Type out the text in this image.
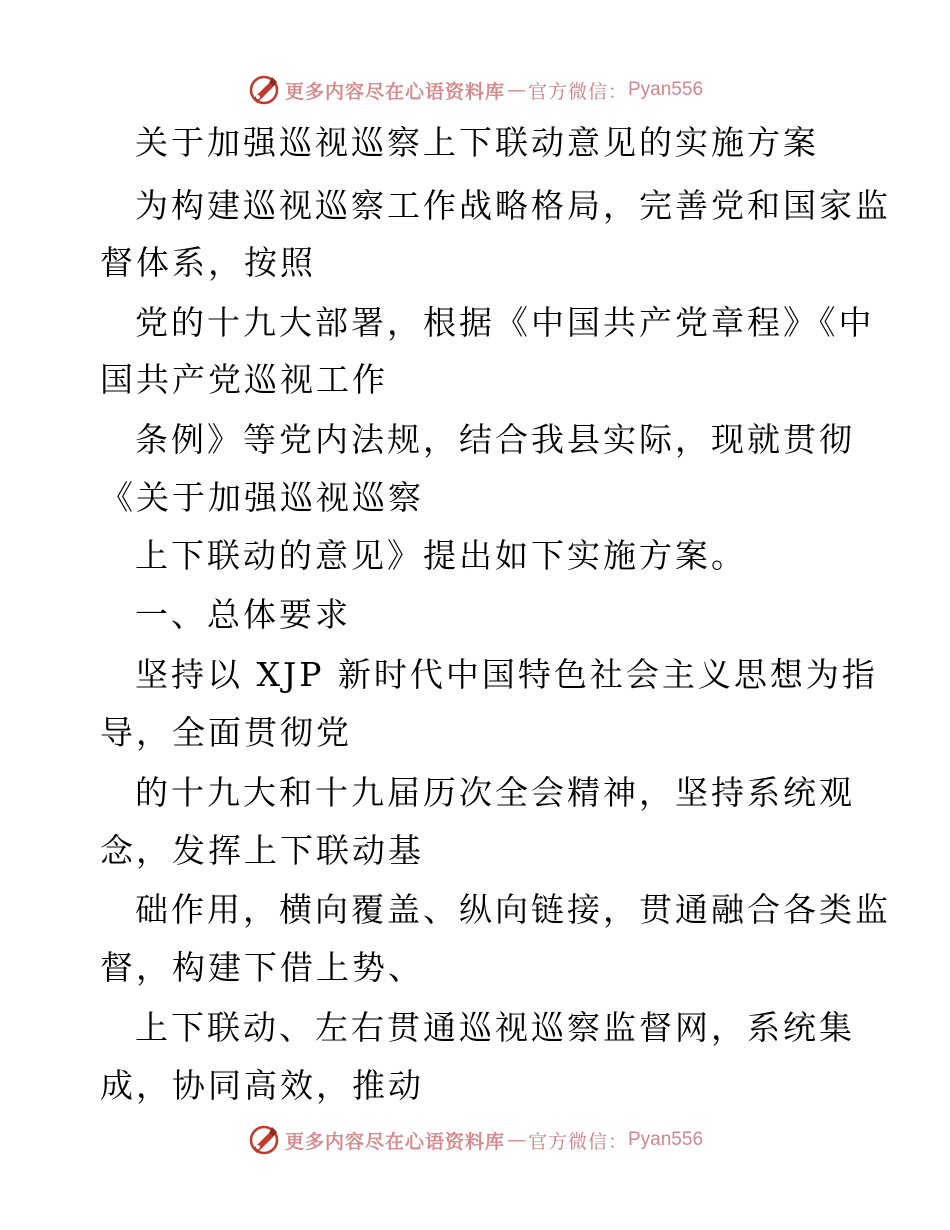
更多内容尽在心语资料库 — 官方微信： Pyan556
关于加强巡视巡察上下联动意见的实施方案
为构建巡视巡察工作战略格局，完善党和国家监
督体系，按照
党的十九大部署，根据《中国共产党章程》《中
国共产党巡视工作
条例》等党内法规，结合我县实际，现就贯彻
《关于加强巡视巡察
上下联动的意见》提出如下实施方案。
一、总体要求
坚持以 XJP 新时代中国特色社会主义思想为指
导，全面贯彻党
的十九大和十九届历次全会精神，坚持系统观
念，发挥上下联动基
础作用，横向覆盖、纵向链接，贯通融合各类监
督，构建下借上势、
上下联动、左右贯通巡视巡察监督网，系统集
成，协同高效，推动
更多内容尽在心语资料库 — 官方微信： Pyan556
